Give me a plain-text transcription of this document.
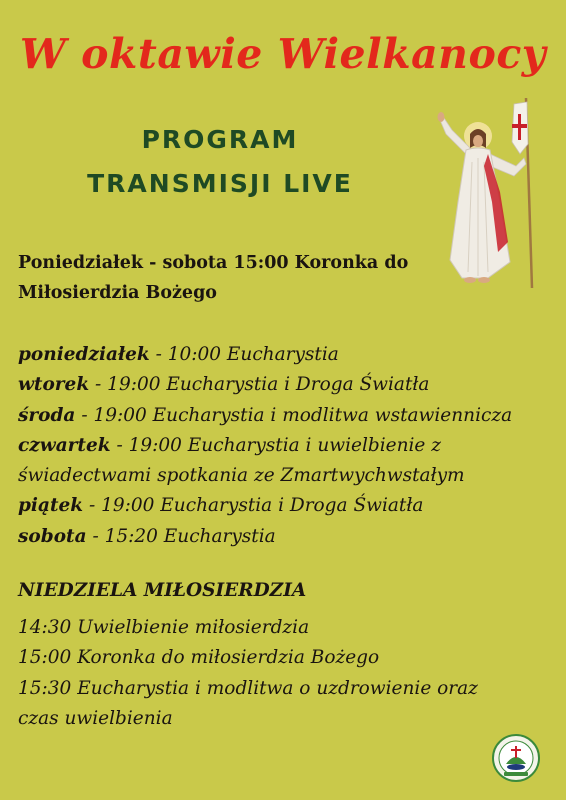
W oktawie Wielkanocy
PROGRAM
TRANSMISJI LIVE
Poniedziałek - sobota 15:00 Koronka do
Miłosierdzia Bożego
poniedziałek - 10:00 Eucharystia
wtorek - 19:00 Eucharystia i Droga Światła
środa - 19:00 Eucharystia i modlitwa wstawiennicza
czwartek - 19:00 Eucharystia i uwielbienie z
świadectwami spotkania ze Zmartwychwstałym
piątek - 19:00 Eucharystia i Droga Światła
sobota - 15:20 Eucharystia
NIEDZIELA MIŁOSIERDZIA
14:30 Uwielbienie miłosierdzia
15:00 Koronka do miłosierdzia Bożego
15:30 Eucharystia i modlitwa o uzdrowienie oraz
czas uwielbienia
